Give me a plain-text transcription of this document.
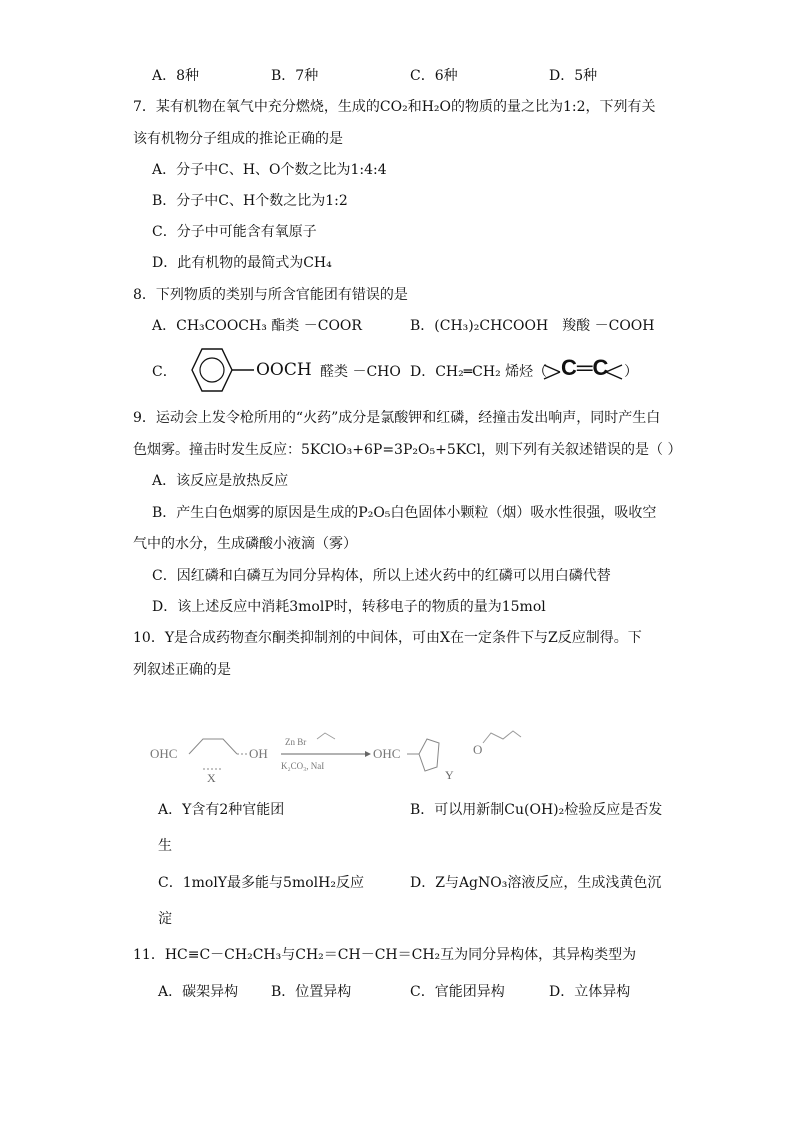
A．8种	B．7种	C．6种	D．5种
7．某有机物在氧气中充分燃烧，生成的CO₂和H₂O的物质的量之比为1:2，下列有关
该有机物分子组成的推论正确的是
A．分子中C、H、O个数之比为1:4:4
B．分子中C、H个数之比为1:2
C．分子中可能含有氧原子
D．此有机物的最简式为CH₄
8．下列物质的类别与所含官能团有错误的是
A．CH₃COOCH₃ 酯类 －COOR	B．(CH₃)₂CHCOOH　羧酸 －COOH
C．	OOCH 醛类 －CHO D．CH₂═CH₂ 烯烃（ C═C ）
9．运动会上发令枪所用的“火药”成分是氯酸钾和红磷，经撞击发出响声，同时产生白
色烟雾。撞击时发生反应：5KClO₃+6P=3P₂O₅+5KCl，则下列有关叙述错误的是（ ）
A．该反应是放热反应
B．产生白色烟雾的原因是生成的P₂O₅白色固体小颗粒（烟）吸水性很强，吸收空
气中的水分，生成磷酸小液滴（雾）
C．因红磷和白磷互为同分异构体，所以上述火药中的红磷可以用白磷代替
D．该上述反应中消耗3molP时，转移电子的物质的量为15mol
10．Y是合成药物查尔酮类抑制剂的中间体，可由X在一定条件下与Z反应制得。下
列叙述正确的是
OHC	OH
X
Zn Br
K₂CO₃, NaI
OHC
Y
O
A．Y含有2种官能团	B．可以用新制Cu(OH)₂检验反应是否发
生
C．1molY最多能与5molH₂反应	D．Z与AgNO₃溶液反应，生成浅黄色沉
淀
11．HC≡C－CH₂CH₃与CH₂＝CH－CH＝CH₂互为同分异构体，其异构类型为
A．碳架异构 B．位置异构	C．官能团异构	D．立体异构
